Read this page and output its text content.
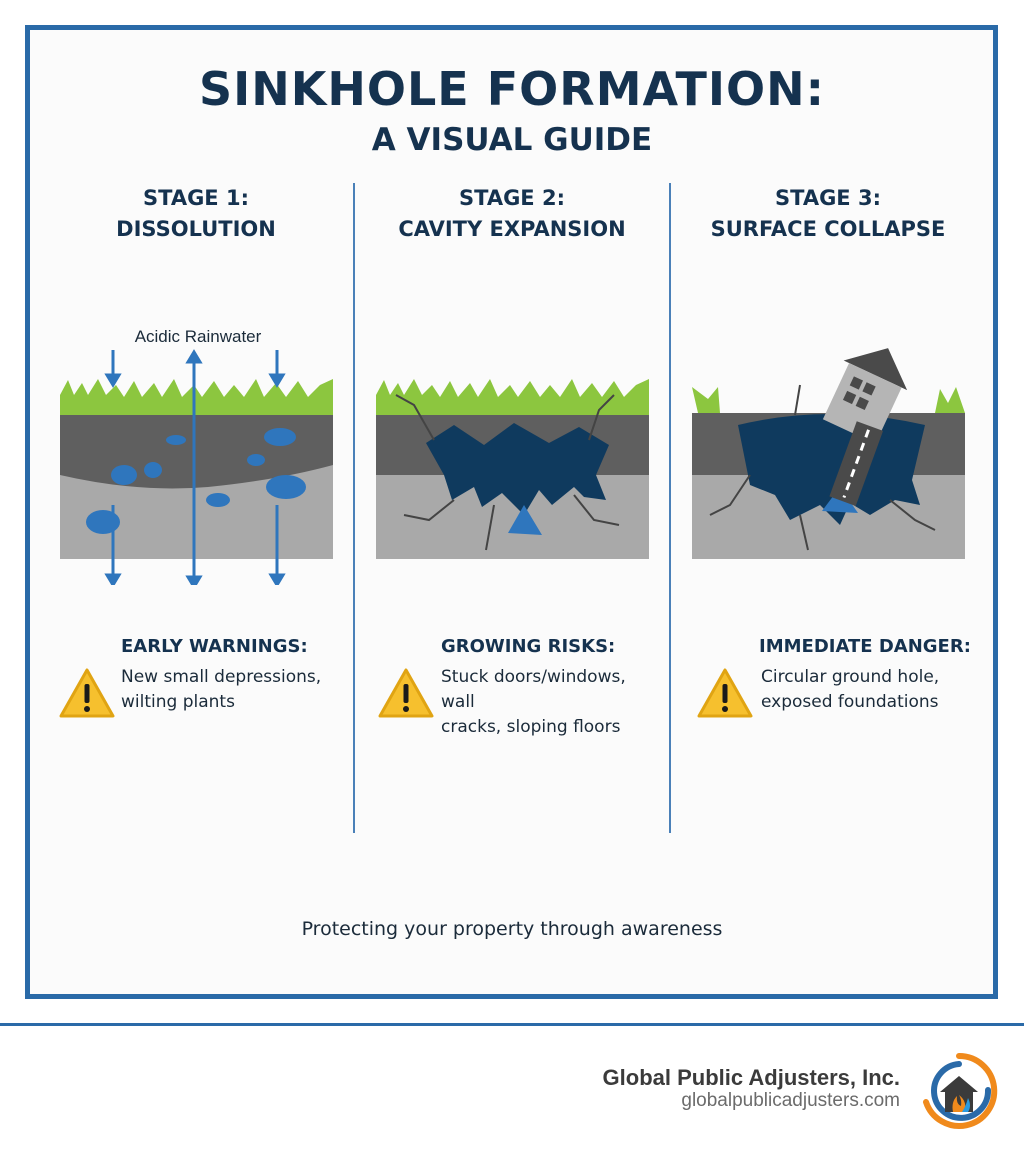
SINKHOLE FORMATION:
A VISUAL GUIDE
STAGE 1:
DISSOLUTION
STAGE 2:
CAVITY EXPANSION
STAGE 3:
SURFACE COLLAPSE
Acidic Rainwater
EARLY WARNINGS:
New small depressions,
wilting plants
GROWING RISKS:
Stuck doors/windows, wall
cracks, sloping floors
IMMEDIATE DANGER:
Circular ground hole,
exposed foundations
Protecting your property through awareness
Global Public Adjusters, Inc.
globalpublicadjusters.com
